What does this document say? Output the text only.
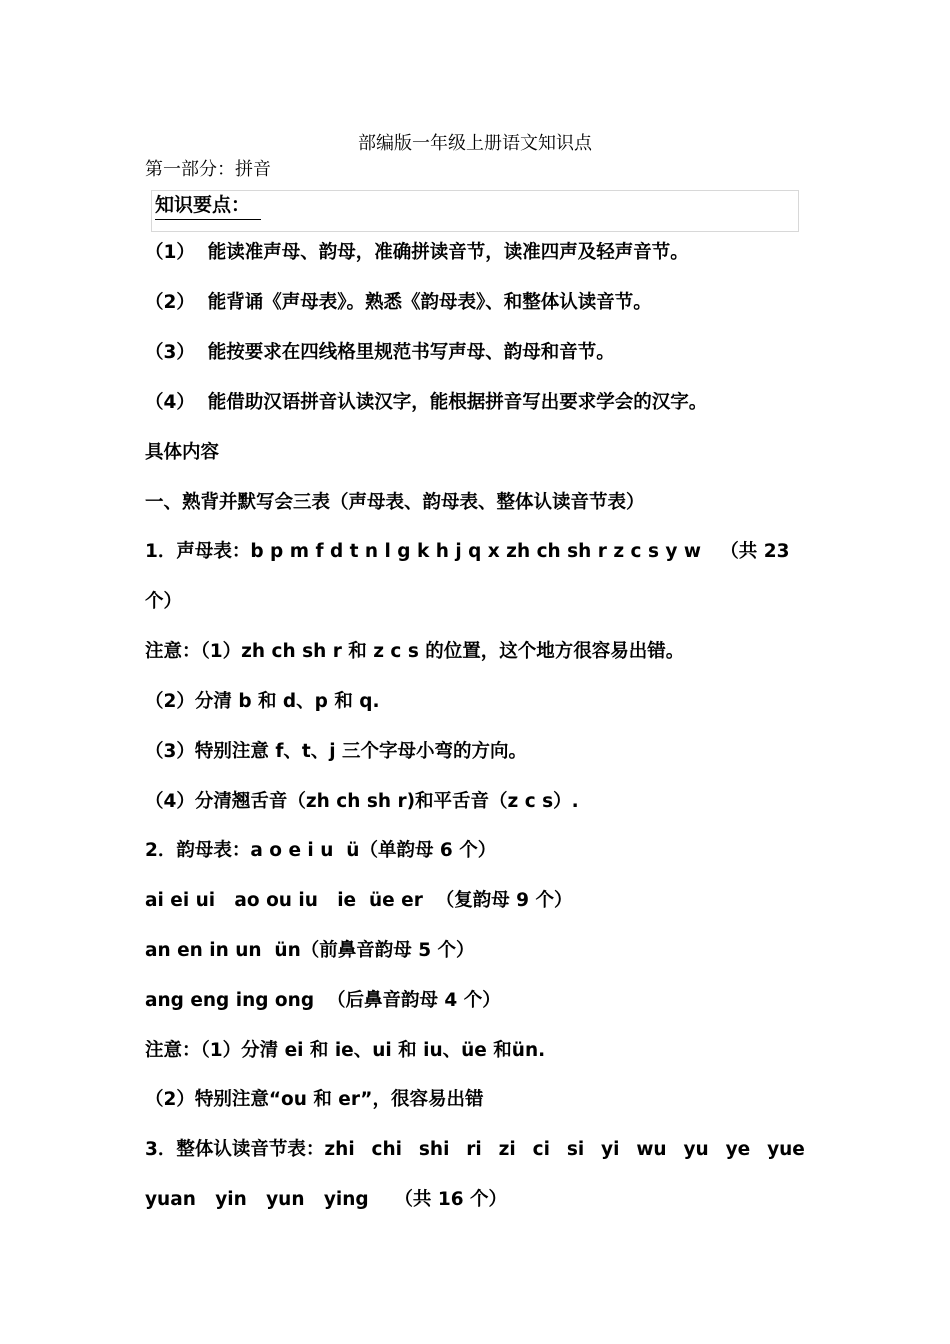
部编版一年级上册语文知识点
第一部分：拼音
知识要点：
（1）  能读准声母、韵母，准确拼读音节，读准四声及轻声音节。
（2）  能背诵《声母表》。熟悉《韵母表》、和整体认读音节。
（3）  能按要求在四线格里规范书写声母、韵母和音节。
（4）  能借助汉语拼音认读汉字，能根据拼音写出要求学会的汉字。
具体内容
一、熟背并默写会三表（声母表、韵母表、整体认读音节表）
1．声母表：b p m f d t n l g k h j q x zh ch sh r z c s y w   （共 23
个）
注意：（1）zh ch sh r 和 z c s 的位置，这个地方很容易出错。
（2）分清 b 和 d、p 和 q.
（3）特别注意 f、t、j 三个字母小弯的方向。
（4）分清翘舌音（zh ch sh r)和平舌音（z c s）.
2．韵母表：a o e i u  ü（单韵母 6 个）
ai ei ui   ao ou iu   ie  üe er  （复韵母 9 个）
an en in un  ün（前鼻音韵母 5 个）
ang eng ing ong  （后鼻音韵母 4 个）
注意：（1）分清 ei 和 ie、ui 和 iu、üe 和ün.
（2）特别注意“ou 和 er”，很容易出错
3．整体认读音节表：zhi chi shi ri zi ci si yi wu yu ye yue
yuan   yin   yun   ying    （共 16 个）
